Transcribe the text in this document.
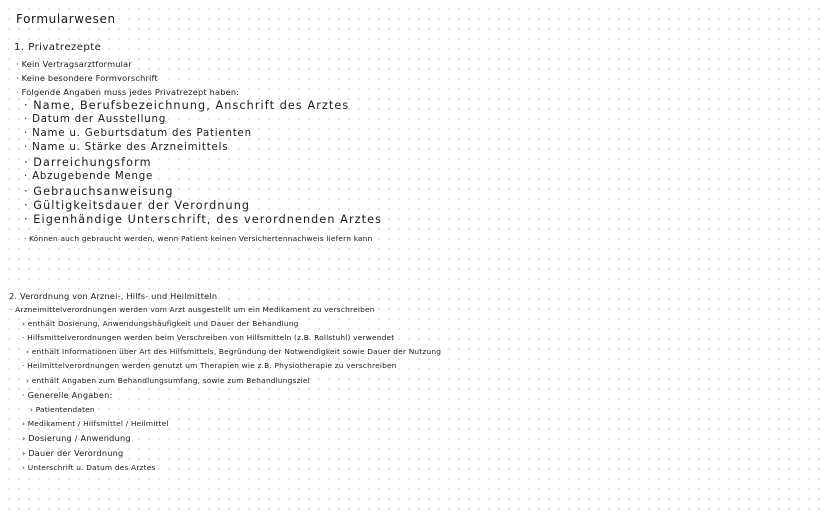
Formularwesen
1. Privatrezepte
· Kein Vertragsarztformular
· Keine besondere Formvorschrift
· Folgende Angaben muss jedes Privatrezept haben:
· Name, Berufsbezeichnung, Anschrift des Arztes
· Datum der Ausstellung
· Name u. Geburtsdatum des Patienten
· Name u. Stärke des Arzneimittels
· Darreichungsform
· Abzugebende Menge
· Gebrauchsanweisung
· Gültigkeitsdauer der Verordnung
· Eigenhändige Unterschrift, des verordnenden Arztes
· Können auch gebraucht werden, wenn Patient keinen Versichertennachweis liefern kann
2. Verordnung von Arznei-, Hilfs- und Heilmitteln
· Arzneimittelverordnungen werden vom Arzt ausgestellt um ein Medikament zu verschreiben
› enthält Dosierung, Anwendungshäufigkeit und Dauer der Behandlung
· Hilfsmittelverordnungen werden beim Verschreiben von Hilfsmitteln (z.B. Rollstuhl) verwendet
› enthält Informationen über Art des Hilfsmittels, Begründung der Notwendigkeit sowie Dauer der Nutzung
· Heilmittelverordnungen werden genutzt um Therapien wie z.B. Physiotherapie zu verschreiben
› enthält Angaben zum Behandlungsumfang, sowie zum Behandlungsziel
· Generelle Angaben:
› Patientendaten
› Medikament / Hilfsmittel / Heilmittel
› Dosierung / Anwendung
› Dauer der Verordnung
› Unterschrift u. Datum des Arztes
